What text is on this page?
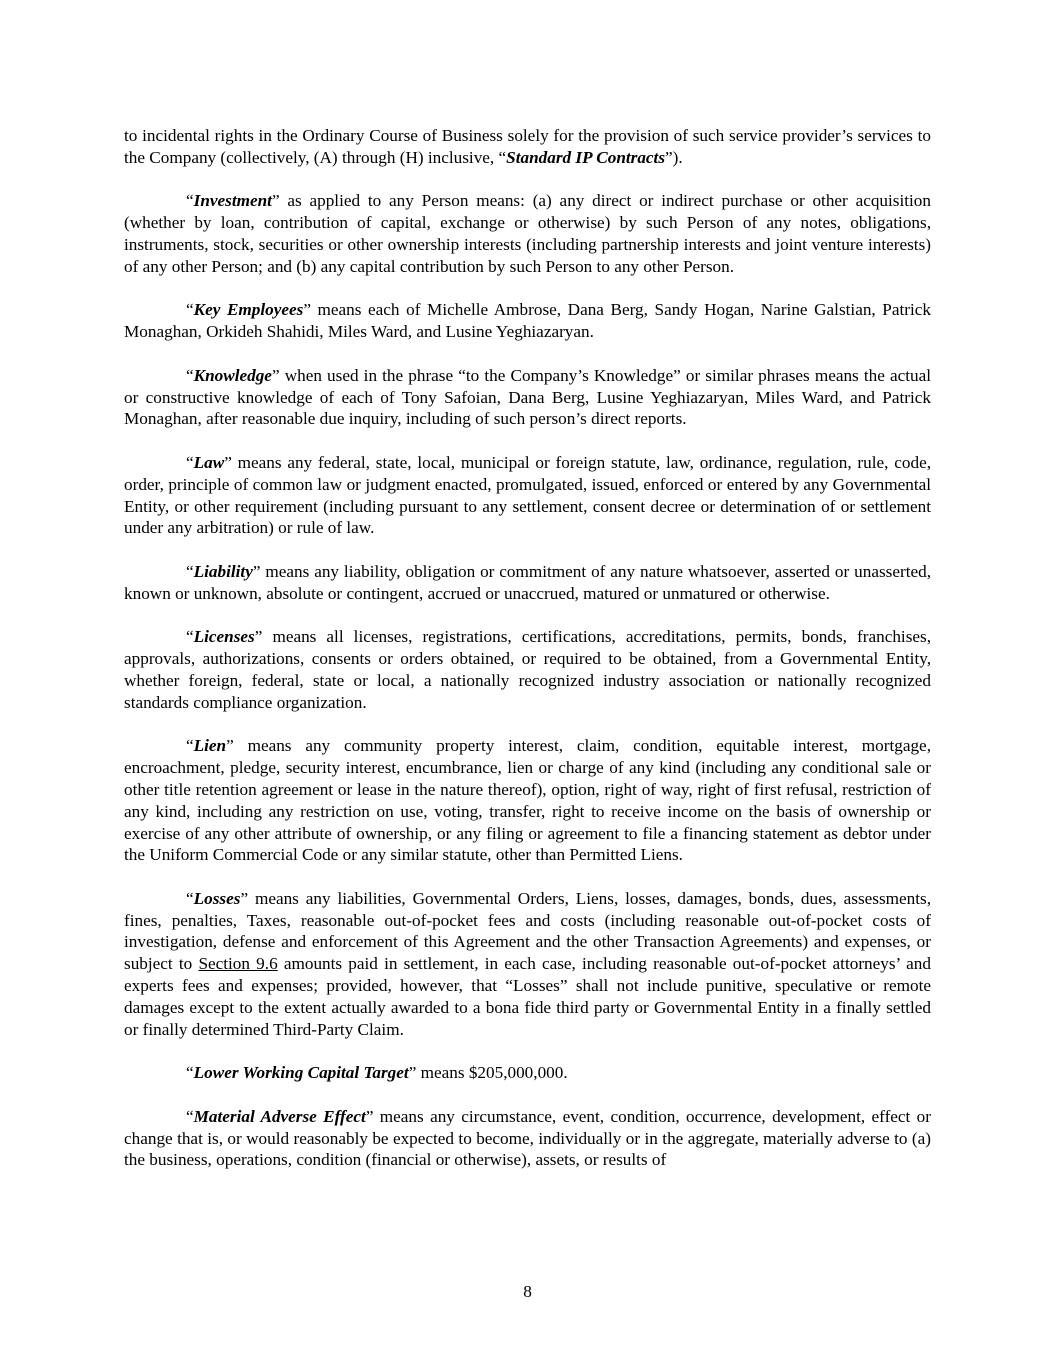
to incidental rights in the Ordinary Course of Business solely for the provision of such service provider’s services to the Company (collectively, (A) through (H) inclusive, “Standard IP Contracts”).

“Investment” as applied to any Person means: (a) any direct or indirect purchase or other acquisition (whether by loan, contribution of capital, exchange or otherwise) by such Person of any notes, obligations, instruments, stock, securities or other ownership interests (including partnership interests and joint venture interests) of any other Person; and (b) any capital contribution by such Person to any other Person.

“Key Employees” means each of Michelle Ambrose, Dana Berg, Sandy Hogan, Narine Galstian, Patrick Monaghan, Orkideh Shahidi, Miles Ward, and Lusine Yeghiazaryan.

“Knowledge” when used in the phrase “to the Company’s Knowledge” or similar phrases means the actual or constructive knowledge of each of Tony Safoian, Dana Berg, Lusine Yeghiazaryan, Miles Ward, and Patrick Monaghan, after reasonable due inquiry, including of such person’s direct reports.

“Law” means any federal, state, local, municipal or foreign statute, law, ordinance, regulation, rule, code, order, principle of common law or judgment enacted, promulgated, issued, enforced or entered by any Governmental Entity, or other requirement (including pursuant to any settlement, consent decree or determination of or settlement under any arbitration) or rule of law.

“Liability” means any liability, obligation or commitment of any nature whatsoever, asserted or unasserted, known or unknown, absolute or contingent, accrued or unaccrued, matured or unmatured or otherwise.

“Licenses” means all licenses, registrations, certifications, accreditations, permits, bonds, franchises, approvals, authorizations, consents or orders obtained, or required to be obtained, from a Governmental Entity, whether foreign, federal, state or local, a nationally recognized industry association or nationally recognized standards compliance organization.

“Lien” means any community property interest, claim, condition, equitable interest, mortgage, encroachment, pledge, security interest, encumbrance, lien or charge of any kind (including any conditional sale or other title retention agreement or lease in the nature thereof), option, right of way, right of first refusal, restriction of any kind, including any restriction on use, voting, transfer, right to receive income on the basis of ownership or exercise of any other attribute of ownership, or any filing or agreement to file a financing statement as debtor under the Uniform Commercial Code or any similar statute, other than Permitted Liens.

“Losses” means any liabilities, Governmental Orders, Liens, losses, damages, bonds, dues, assessments, fines, penalties, Taxes, reasonable out-of-pocket fees and costs (including reasonable out-of-pocket costs of investigation, defense and enforcement of this Agreement and the other Transaction Agreements) and expenses, or subject to Section 9.6 amounts paid in settlement, in each case, including reasonable out-of-pocket attorneys’ and experts fees and expenses; provided, however, that “Losses” shall not include punitive, speculative or remote damages except to the extent actually awarded to a bona fide third party or Governmental Entity in a finally settled or finally determined Third-Party Claim.

“Lower Working Capital Target” means $205,000,000.

“Material Adverse Effect” means any circumstance, event, condition, occurrence, development, effect or change that is, or would reasonably be expected to become, individually or in the aggregate, materially adverse to (a) the business, operations, condition (financial or otherwise), assets, or results of

8
